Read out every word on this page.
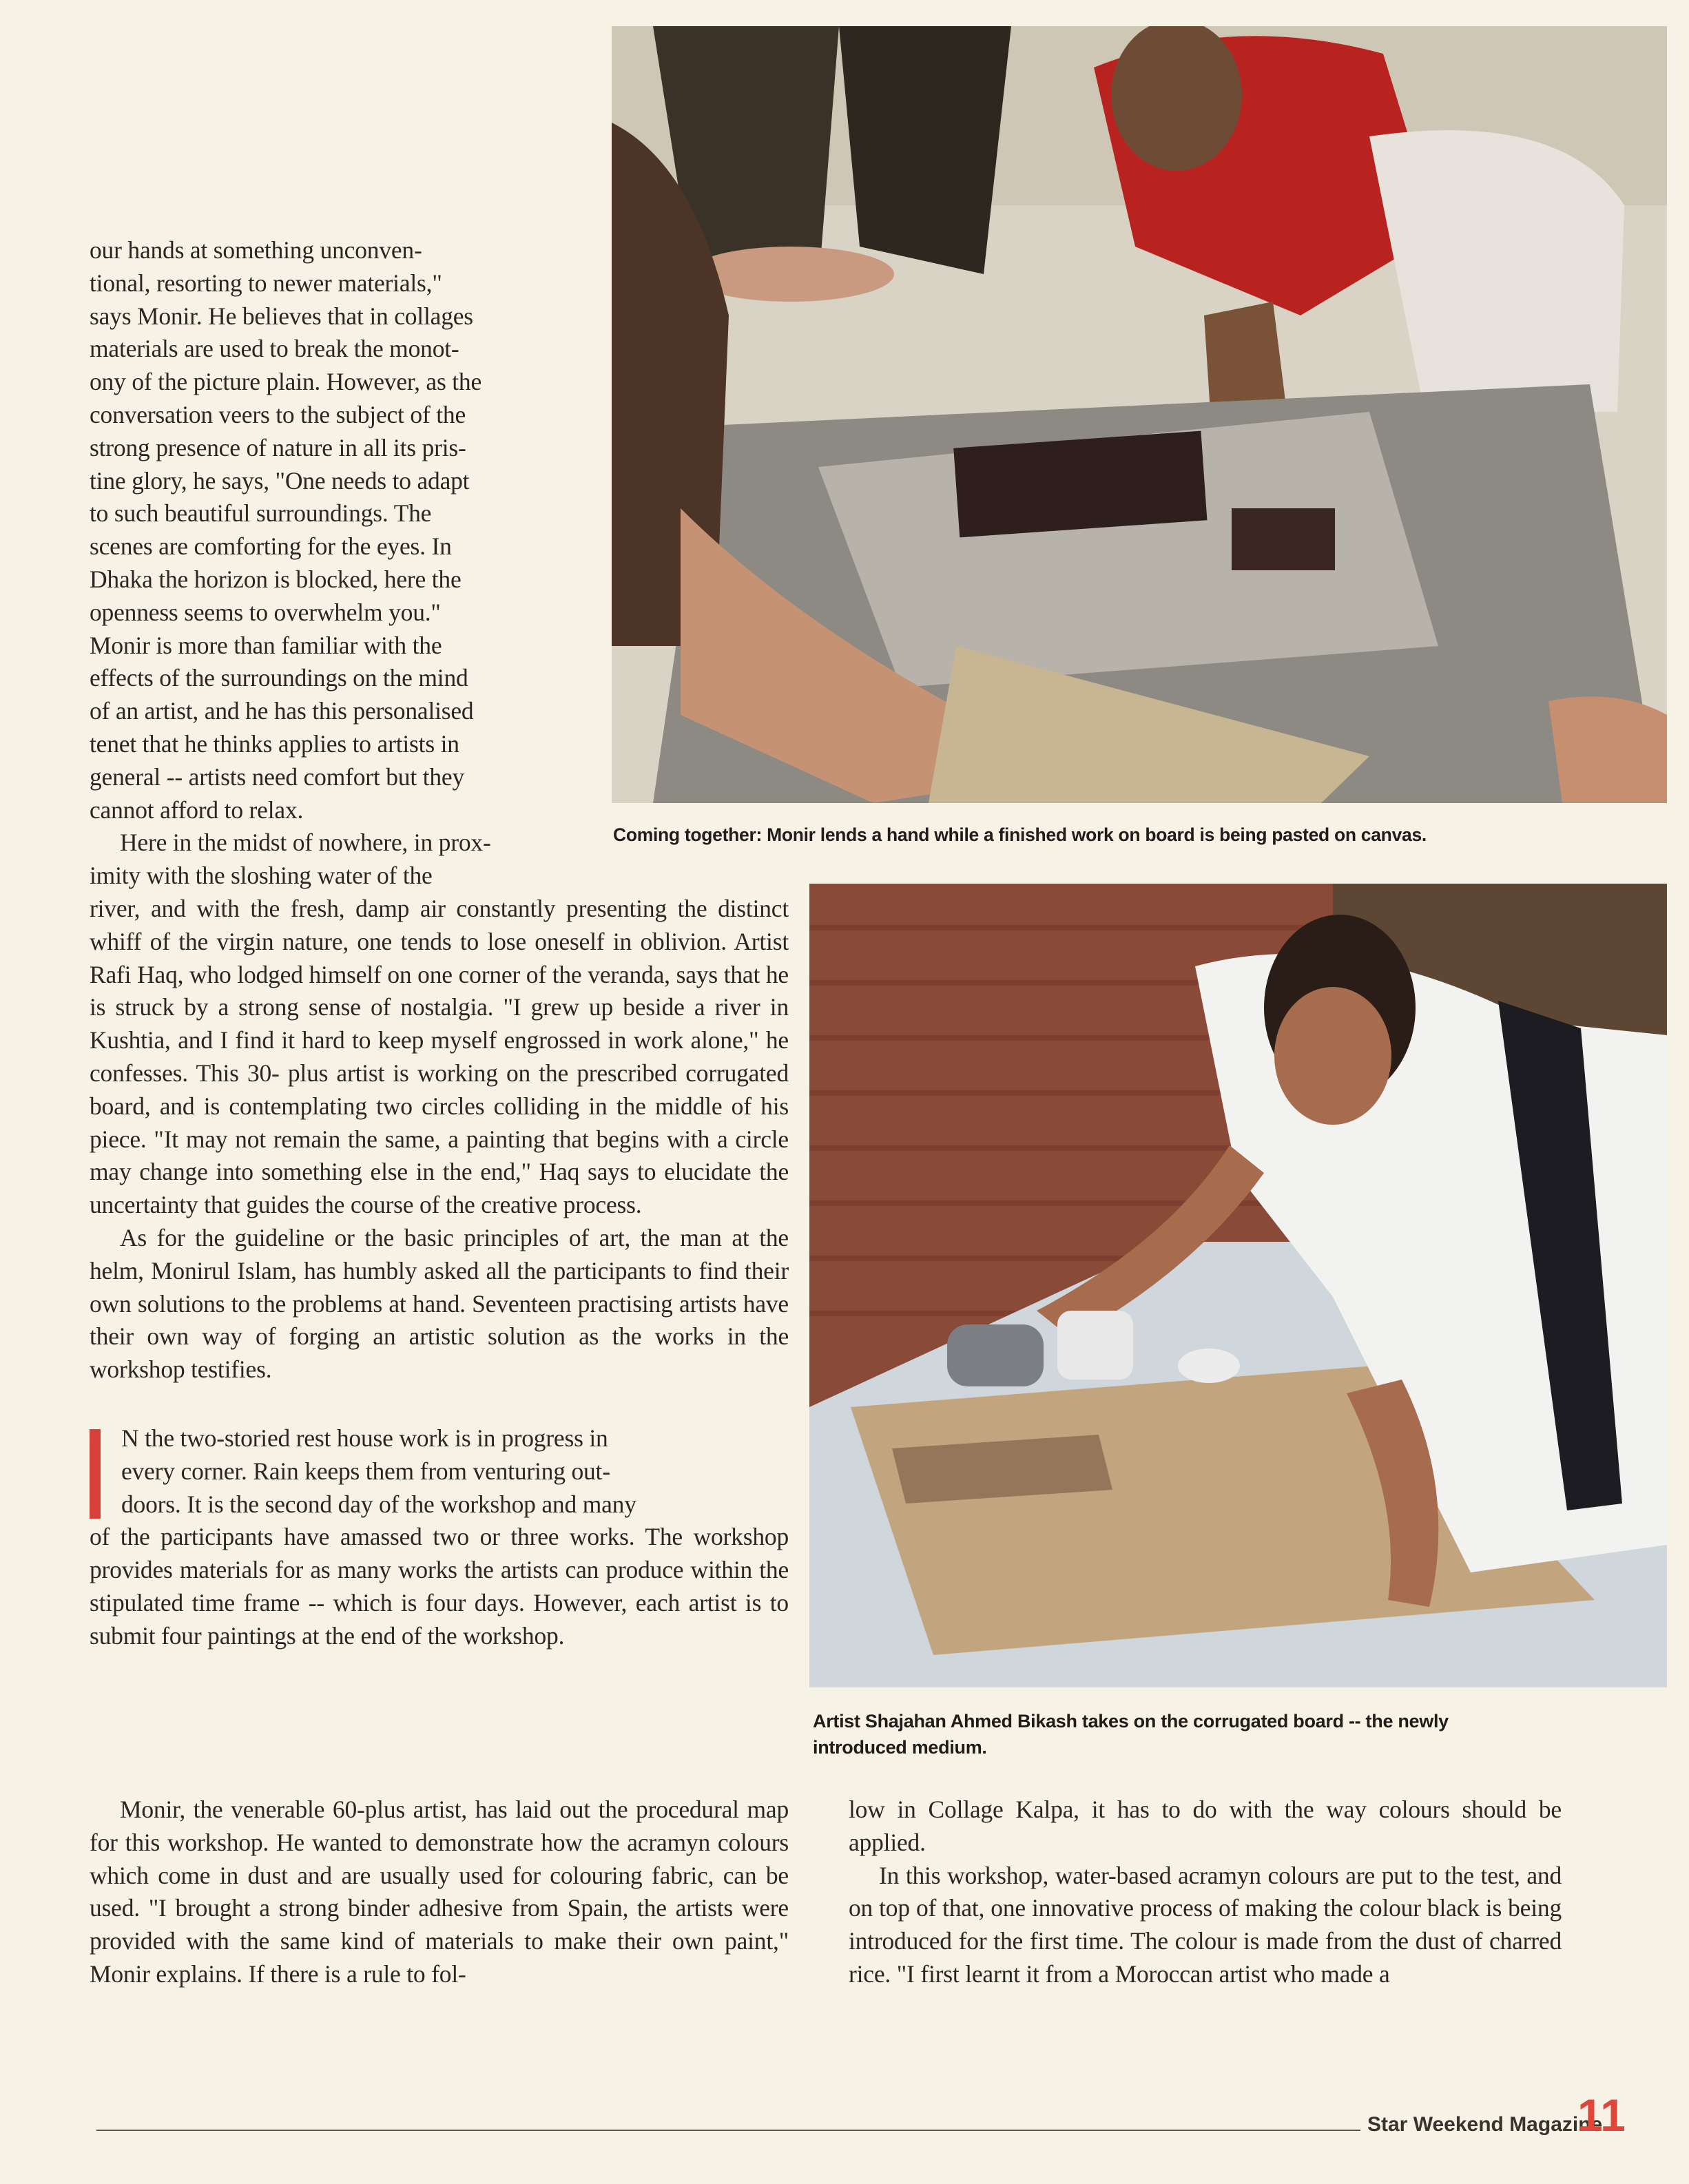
Coming together: Monir lends a hand while a finished work on board is being pasted on canvas.
Artist Shajahan Ahmed Bikash takes on the corrugated board -- the newly
introduced medium.
our hands at something unconven-
tional, resorting to newer materials,"
says Monir. He believes that in collages
materials are used to break the monot-
ony of the picture plain. However, as the
conversation veers to the subject of the
strong presence of nature in all its pris-
tine glory, he says, "One needs to adapt
to such beautiful surroundings. The
scenes are comforting for the eyes. In
Dhaka the horizon is blocked, here the
openness seems to overwhelm you."
Monir is more than familiar with the
effects of the surroundings on the mind
of an artist, and he has this personalised
tenet that he thinks applies to artists in
general -- artists need comfort but they
cannot afford to relax.
Here in the midst of nowhere, in prox-
imity with the sloshing water of the

river, and with the fresh, damp air constantly presenting the distinct whiff of the virgin nature, one tends to lose oneself in oblivion. Artist Rafi Haq, who lodged himself on one corner of the veranda, says that he is struck by a strong sense of nostalgia. "I grew up beside a river in Kushtia, and I find it hard to keep myself engrossed in work alone," he confesses. This 30- plus artist is working on the prescribed corrugated board, and is contemplating two circles colliding in the middle of his piece. "It may not remain the same, a painting that begins with a circle may change into something else in the end," Haq says to elucidate the uncertainty that guides the course of the creative process.

As for the guideline or the basic principles of art, the man at the helm, Monirul Islam, has humbly asked all the participants to find their own solutions to the problems at hand. Seventeen practising artists have their own way of forging an artistic solution as the works in the workshop testifies.

N the two-storied rest house work is in progress in
every corner. Rain keeps them from venturing out-
doors. It is the second day of the workshop and many

of the participants have amassed two or three works. The workshop provides materials for as many works the artists can produce within the stipulated time frame -- which is four days. However, each artist is to submit four paintings at the end of the workshop.

Monir, the venerable 60-plus artist, has laid out the procedural map for this workshop. He wanted to demonstrate how the acramyn colours which come in dust and are usually used for colouring fabric, can be used. "I brought a strong binder adhesive from Spain, the artists were provided with the same kind of materials to make their own paint," Monir explains. If there is a rule to fol-

low in Collage Kalpa, it has to do with the way colours should be applied.

In this workshop, water-based acramyn colours are put to the test, and on top of that, one innovative process of making the colour black is being introduced for the first time. The colour is made from the dust of charred rice. "I first learnt it from a Moroccan artist who made a

Star Weekend Magazine
11
